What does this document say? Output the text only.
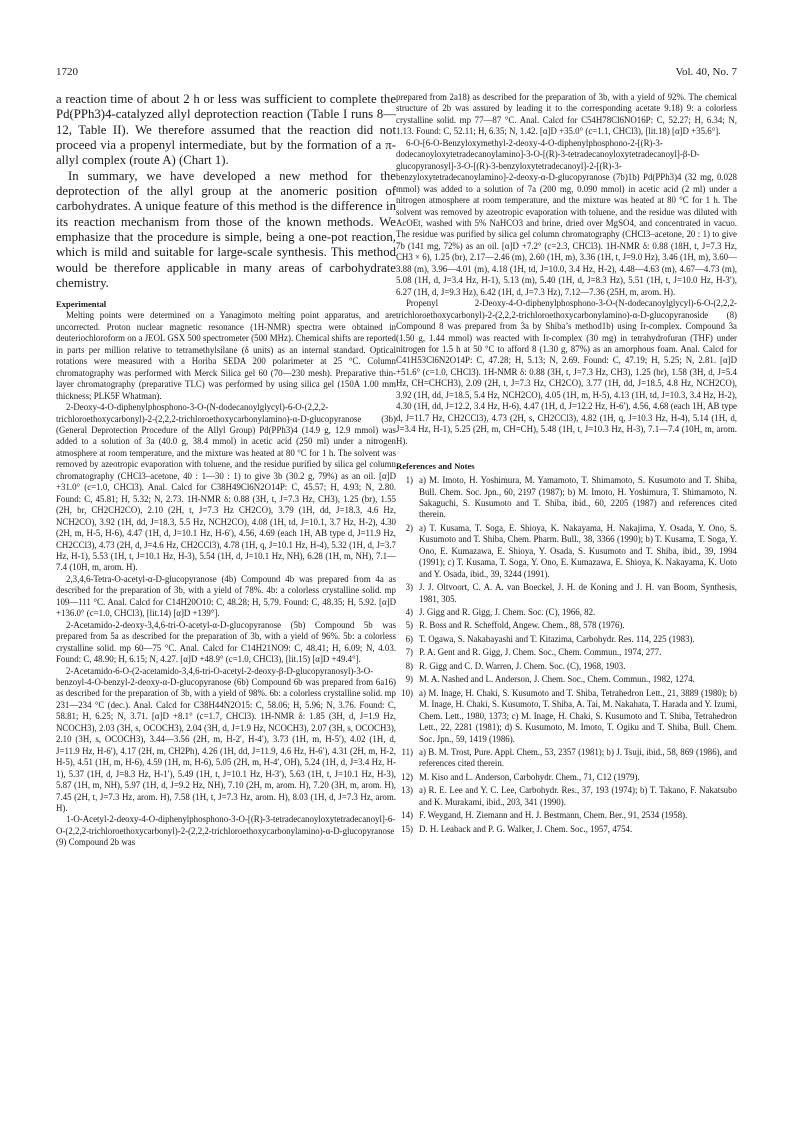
1720	Vol. 40, No. 7

a reaction time of about 2 h or less was sufficient to complete the Pd(PPh3)4-catalyzed allyl deprotection reaction (Table I runs 8—12, Table II). We therefore assumed that the reaction did not proceed via a propenyl intermediate, but by the formation of a π-allyl complex (route A) (Chart 1).

In summary, we have developed a new method for the deprotection of the allyl group at the anomeric position of carbohydrates. A unique feature of this method is the difference in its reaction mechanism from those of the known methods. We emphasize that the procedure is simple, being a one-pot reaction, which is mild and suitable for large-scale synthesis. This method would be therefore applicable in many areas of carbohydrate chemistry.

Experimental

Melting points were determined on a Yanagimoto melting point apparatus, and are uncorrected. Proton nuclear magnetic resonance (1H-NMR) spectra were obtained in deuteriochloroform on a JEOL GSX 500 spectrometer (500 MHz). Chemical shifts are reported in parts per million relative to tetramethylsilane (δ units) as an internal standard. Optical rotations were measured with a Horiba SEDA 200 polarimeter at 25 °C. Column chromatography was performed with Merck Silica gel 60 (70—230 mesh). Preparative thin-layer chromatography (preparative TLC) was performed by using silica gel (150A 1.00 mm thickness; PLK5F Whatman).

2-Deoxy-4-O-diphenylphosphono-3-O-(N-dodecanoylglycyl)-6-O-(2,2,2-trichloroethoxycarbonyl)-2-(2,2,2-trichloroethoxycarbonylamino)-α-D-glucopyranose (3b) (General Deprotection Procedure of the Allyl Group) Pd(PPh3)4 (14.9 g, 12.9 mmol) was added to a solution of 3a (40.0 g, 38.4 mmol) in acetic acid (250 ml) under a nitrogen atmosphere at room temperature, and the mixture was heated at 80 °C for 1 h. The solvent was removed by azeotropic evaporation with toluene, and the residue purified by silica gel column chromatography (CHCl3–acetone, 40 : 1—30 : 1) to give 3b (30.2 g, 79%) as an oil. [α]D +31.0° (c=1.0, CHCl3). Anal. Calcd for C38H49Cl6N2O14P: C, 45.57; H, 4.93; N, 2.80. Found: C, 45.81; H, 5.32; N, 2.73. 1H-NMR δ: 0.88 (3H, t, J=7.3 Hz, CH3), 1.25 (br), 1.55 (2H, br, CH2CH2CO), 2.10 (2H, t, J=7.3 Hz CH2CO), 3.79 (1H, dd, J=18.3, 4.6 Hz, NCH2CO), 3.92 (1H, dd, J=18.3, 5.5 Hz, NCH2CO), 4.08 (1H, td, J=10.1, 3.7 Hz, H-2), 4.30 (2H, m, H-5, H-6), 4.47 (1H, d, J=10.1 Hz, H-6′), 4.56, 4.69 (each 1H, AB type d, J=11.9 Hz, CH2CCl3), 4.73 (2H, d, J=4.6 Hz, CH2CCl3), 4.78 (1H, q, J=10.1 Hz, H-4), 5.32 (1H, d, J=3.7 Hz, H-1), 5.53 (1H, t, J=10.1 Hz, H-3), 5.54 (1H, d, J=10.1 Hz, NH), 6.28 (1H, m, NH), 7.1—7.4 (10H, m, arom. H).

2,3,4,6-Tetra-O-acetyl-α-D-glucopyranose (4b) Compound 4b was prepared from 4a as described for the preparation of 3b, with a yield of 78%. 4b: a colorless crystalline solid. mp 109—111 °C. Anal. Calcd for C14H20O10: C, 48.28; H, 5.79. Found: C, 48.35; H, 5.92. [α]D +136.0° (c=1.0, CHCl3), [lit.14) [α]D +139°].

2-Acetamido-2-deoxy-3,4,6-tri-O-acetyl-α-D-glucopyranose (5b) Compound 5b was prepared from 5a as described for the preparation of 3b, with a yield of 96%. 5b: a colorless crystalline solid. mp 60—75 °C. Anal. Calcd for C14H21NO9: C, 48.41; H, 6.09; N, 4.03. Found: C, 48.90; H, 6.15; N, 4.27. [α]D +48.9° (c=1.0, CHCl3), [lit.15) [α]D +49.4°].

2-Acetamido-6-O-(2-acetamido-3,4,6-tri-O-acetyl-2-deoxy-β-D-glucopyranosyl)-3-O-benzoyl-4-O-benzyl-2-deoxy-α-D-glucopyranose (6b) Compound 6b was prepared from 6a16) as described for the preparation of 3b, with a yield of 98%. 6b: a colorless crystalline solid. mp 231—234 °C (dec.). Anal. Calcd for C38H44N2O15: C, 58.06; H, 5.96; N, 3.76. Found: C, 58.81; H, 6.25; N, 3.71. [α]D +8.1° (c=1.7, CHCl3). 1H-NMR δ: 1.85 (3H, d, J=1.9 Hz, NCOCH3), 2.03 (3H, s, OCOCH3), 2.04 (3H, d, J=1.9 Hz, NCOCH3), 2.07 (3H, s, OCOCH3), 2.10 (3H, s, OCOCH3), 3.44—3.56 (2H, m, H-2′, H-4′), 3.73 (1H, m, H-5′), 4.02 (1H, d, J=11.9 Hz, H-6′), 4.17 (2H, m, CH2Ph), 4.26 (1H, dd, J=11.9, 4.6 Hz, H-6′), 4.31 (2H, m, H-2, H-5), 4.51 (1H, m, H-6), 4.59 (1H, m, H-6), 5.05 (2H, m, H-4′, OH), 5.24 (1H, d, J=3.4 Hz, H-1), 5.37 (1H, d, J=8.3 Hz, H-1′), 5.49 (1H, t, J=10.1 Hz, H-3′), 5.63 (1H, t, J=10.1 Hz, H-3), 5.87 (1H, m, NH), 5.97 (1H, d, J=9.2 Hz, NH), 7.10 (2H, m, arom. H), 7.20 (3H, m, arom. H), 7.45 (2H, t, J=7.3 Hz, arom. H), 7.58 (1H, t, J=7.3 Hz, arom. H), 8.03 (1H, d, J=7.3 Hz, arom. H).

1-O-Acetyl-2-deoxy-4-O-diphenylphosphono-3-O-[(R)-3-tetradecanoyloxytetradecanoyl]-6-O-(2,2,2-trichloroethoxycarbonyl)-2-(2,2,2-trichloroethoxycarbonylamino)-α-D-glucopyranose (9) Compound 2b was

prepared from 2a18) as described for the preparation of 3b, with a yield of 92%. The chemical structure of 2b was assured by leading it to the corresponding acetate 9.18) 9: a colorless crystalline solid. mp 77—87 °C. Anal. Calcd for C54H78Cl6NO16P: C, 52.27; H, 6.34; N, 1.13. Found: C, 52.11; H, 6.35; N, 1.42. [α]D +35.0° (c=1.1, CHCl3), [lit.18) [α]D +35.6°].

6-O-[6-O-Benzyloxymethyl-2-deoxy-4-O-diphenylphosphono-2-[(R)-3-dodecanoyloxytetradecanoylamino]-3-O-[(R)-3-tetradecanoyloxytetradecanoyl]-β-D-glucopyranosyl]-3-O-[(R)-3-benzyloxytetradecanoyl]-2-[(R)-3-benzyloxytetradecanoylamino]-2-deoxy-α-D-glucopyranose (7b)1b) Pd(PPh3)4 (32 mg, 0.028 mmol) was added to a solution of 7a (200 mg, 0.090 mmol) in acetic acid (2 ml) under a nitrogen atmosphere at room temperature, and the mixture was heated at 80 °C for 1 h. The solvent was removed by azeotropic evaporation with toluene, and the residue was diluted with AcOEt, washed with 5% NaHCO3 and brine, dried over MgSO4, and concentrated in vacuo. The residue was purified by silica gel column chromatography (CHCl3–acetone, 20 : 1) to give 7b (141 mg, 72%) as an oil. [α]D +7.2° (c=2.3, CHCl3). 1H-NMR δ: 0.88 (18H, t, J=7.3 Hz, CH3 × 6), 1.25 (br), 2.17—2.46 (m), 2.60 (1H, m), 3.36 (1H, t, J=9.0 Hz), 3.46 (1H, m), 3.60—3.88 (m), 3.96—4.01 (m), 4.18 (1H, td, J=10.0, 3.4 Hz, H-2), 4.48—4.63 (m), 4.67—4.73 (m), 5.08 (1H, d, J=3.4 Hz, H-1), 5.13 (m), 5.40 (1H, d, J=8.3 Hz), 5.51 (1H, t, J=10.0 Hz, H-3′), 6.27 (1H, d, J=9.3 Hz), 6.42 (1H, d, J=7.3 Hz), 7.12—7.36 (25H, m, arom. H).

Propenyl 2-Deoxy-4-O-diphenylphosphono-3-O-(N-dodecanoylglycyl)-6-O-(2,2,2-trichloroethoxycarbonyl)-2-(2,2,2-trichloroethoxycarbonylamino)-α-D-glucopyranoside (8) Compound 8 was prepared from 3a by Shiba’s method1b) using Ir-complex. Compound 3a (1.50 g, 1.44 mmol) was reacted with Ir-complex (30 mg) in tetrahydrofuran (THF) under nitrogen for 1.5 h at 50 °C to afford 8 (1.30 g, 87%) as an amorphous foam. Anal. Calcd for C41H53Cl6N2O14P: C, 47.28; H, 5.13; N, 2.69. Found: C, 47.19; H, 5.25; N, 2.81. [α]D +51.6° (c=1.0, CHCl3). 1H-NMR δ: 0.88 (3H, t, J=7.3 Hz, CH3), 1.25 (br), 1.58 (3H, d, J=5.4 Hz, CH=CHCH3), 2.09 (2H, t, J=7.3 Hz, CH2CO), 3.77 (1H, dd, J=18.5, 4.8 Hz, NCH2CO), 3.92 (1H, dd, J=18.5, 5.4 Hz, NCH2CO), 4.05 (1H, m, H-5), 4.13 (1H, td, J=10.3, 3.4 Hz, H-2), 4.30 (1H, dd, J=12.2, 3.4 Hz, H-6), 4.47 (1H, d, J=12.2 Hz, H-6′), 4.56, 4.68 (each 1H, AB type d, J=11.7 Hz, CH2CCl3), 4.73 (2H, s, CH2CCl3), 4.82 (1H, q, J=10.3 Hz, H-4), 5.14 (1H, d, J=3.4 Hz, H-1), 5.25 (2H, m, CH=CH), 5.48 (1H, t, J=10.3 Hz, H-3), 7.1—7.4 (10H, m, arom. H).

References and Notes
1) a) M. Imoto, H. Yoshimura, M. Yamamoto, T. Shimamoto, S. Kusumoto and T. Shiba, Bull. Chem. Soc. Jpn., 60, 2197 (1987); b) M. Imoto, H. Yoshimura, T. Shimamoto, N. Sakaguchi, S. Kusumoto and T. Shiba, ibid., 60, 2205 (1987) and references cited therein.
2) a) T. Kusama, T. Soga, E. Shioya, K. Nakayama, H. Nakajima, Y. Osada, Y. Ono, S. Kusumoto and T. Shiba, Chem. Pharm. Bull., 38, 3366 (1990); b) T. Kusama, T. Soga, Y. Ono, E. Kumazawa, E. Shioya, Y. Osada, S. Kusumoto and T. Shiba, ibid., 39, 1994 (1991); c) T. Kusama, T. Soga, Y. Ono, E. Kumazawa, E. Shioya, K. Nakayama, K. Uoto and Y. Osada, ibid., 39, 3244 (1991).
3) J. J. Oltvoort, C. A. A. van Boeckel, J. H. de Koning and J. H. van Boom, Synthesis, 1981, 305.
4) J. Gigg and R. Gigg, J. Chem. Soc. (C), 1966, 82.
5) R. Boss and R. Scheffold, Angew. Chem., 88, 578 (1976).
6) T. Ogawa, S. Nakabayashi and T. Kitazima, Carbohydr. Res. 114, 225 (1983).
7) P. A. Gent and R. Gigg, J. Chem. Soc., Chem. Commun., 1974, 277.
8) R. Gigg and C. D. Warren, J. Chem. Soc. (C), 1968, 1903.
9) M. A. Nashed and L. Anderson, J. Chem. Soc., Chem. Commun., 1982, 1274.
10) a) M. Inage, H. Chaki, S. Kusumoto and T. Shiba, Tetrahedron Lett., 21, 3889 (1980); b) M. Inage, H. Chaki, S. Kusumoto, T. Shiba, A. Tai, M. Nakahata, T. Harada and Y. Izumi, Chem. Lett., 1980, 1373; c) M. Inage, H. Chaki, S. Kusumoto and T. Shiba, Tetrahedron Lett., 22, 2281 (1981); d) S. Kusumoto, M. Imoto, T. Ogiku and T. Shiba, Bull. Chem. Soc. Jpn., 59, 1419 (1986).
11) a) B. M. Trost, Pure. Appl. Chem., 53, 2357 (1981); b) J. Tsuji, ibid., 58, 869 (1986), and references cited therein.
12) M. Kiso and L. Anderson, Carbohydr. Chem., 71, C12 (1979).
13) a) R. E. Lee and Y. C. Lee, Carbohydr. Res., 37, 193 (1974); b) T. Takano, F. Nakatsubo and K. Murakami, ibid., 203, 341 (1990).
14) F. Weygand, H. Ziemann and H. J. Bestmann, Chem. Ber., 91, 2534 (1958).
15) D. H. Leaback and P. G. Walker, J. Chem. Soc., 1957, 4754.
